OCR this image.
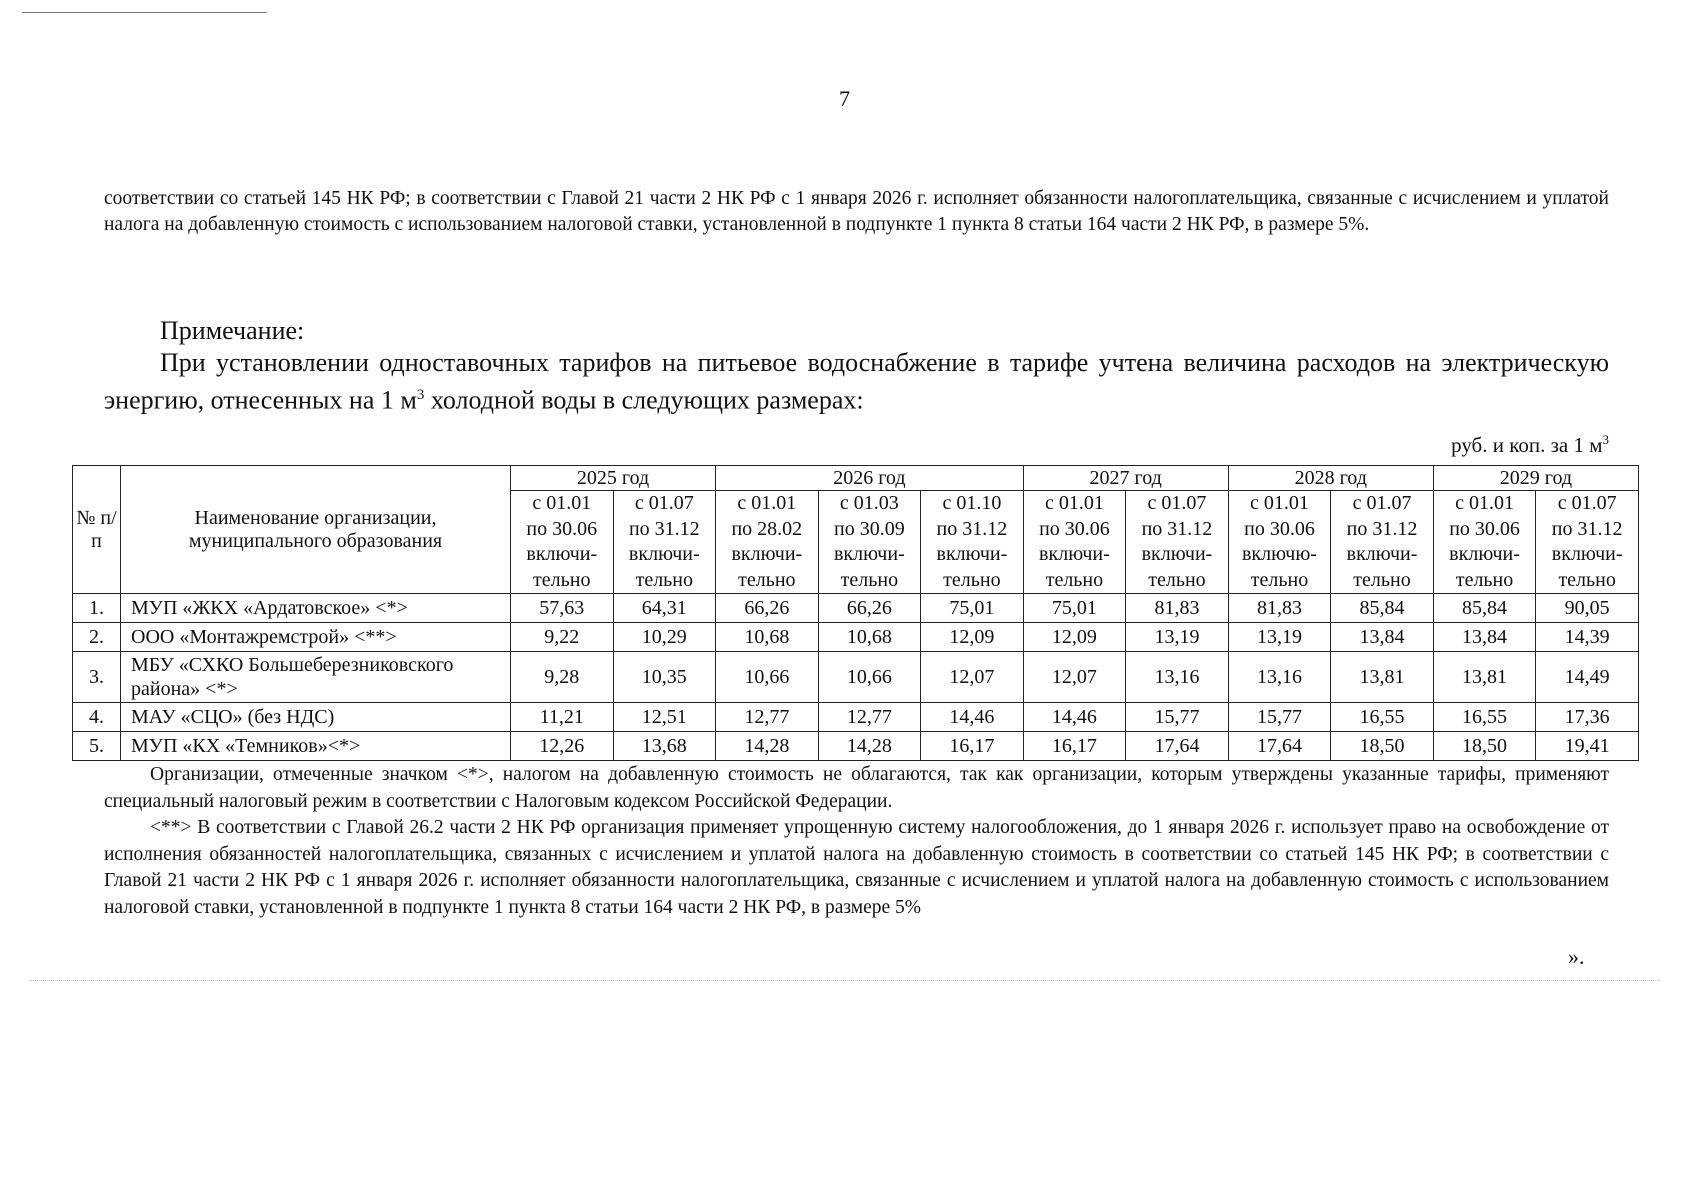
7
соответствии со статьей 145 НК РФ; в соответствии с Главой 21 части 2 НК РФ с 1 января 2026 г. исполняет обязанности налогоплательщика, связанные с исчислением и уплатой налога на добавленную стоимость с использованием налоговой ставки, установленной в подпункте 1 пункта 8 статьи 164 части 2 НК РФ, в размере 5%.
Примечание:
При установлении одноставочных тарифов на питьевое водоснабжение в тарифе учтена величина расходов на электрическую энергию, отнесенных на 1 $м^3$ холодной воды в следующих размерах:
руб. и коп. за 1 $м^3$
№ п/п	Наименование организации, муниципального образования	2025 год		2026 год			2027 год		2028 год		2029 год	
		с 01.01
по 30.06
включи-
тельно	с 01.07
по 31.12
включи-
тельно	с 01.01
по 28.02
включи-
тельно	с 01.03
по 30.09
включи-
тельно	с 01.10
по 31.12
включи-
тельно	с 01.01
по 30.06
включи-
тельно	с 01.07
по 31.12
включи-
тельно	с 01.01
по 30.06
включю-
тельно	с 01.07
по 31.12
включи-
тельно	с 01.01
по 30.06
включи-
тельно	с 01.07
по 31.12
включи-
тельно
1.	МУП «ЖКХ «Ардатовское» <*>	57,63	64,31	66,26	66,26	75,01	75,01	81,83	81,83	85,84	85,84	90,05
2.	ООО «Монтажремстрой» <**>	9,22	10,29	10,68	10,68	12,09	12,09	13,19	13,19	13,84	13,84	14,39
3.	МБУ «СХКО Большеберезниковского района» <*>	9,28	10,35	10,66	10,66	12,07	12,07	13,16	13,16	13,81	13,81	14,49
4.	МАУ «СЦО» (без НДС)	11,21	12,51	12,77	12,77	14,46	14,46	15,77	15,77	16,55	16,55	17,36
5.	МУП «КХ «Темников»<*>	12,26	13,68	14,28	14,28	16,17	16,17	17,64	17,64	18,50	18,50	19,41

Организации, отмеченные значком <*>, налогом на добавленную стоимость не облагаются, так как организации, которым утверждены указанные тарифы, применяют специальный налоговый режим в соответствии с Налоговым кодексом Российской Федерации.

<**> В соответствии с Главой 26.2 части 2 НК РФ организация применяет упрощенную систему налогообложения, до 1 января 2026 г. использует право на освобождение от исполнения обязанностей налогоплательщика, связанных с исчислением и уплатой налога на добавленную стоимость в соответствии со статьей 145 НК РФ; в соответствии с Главой 21 части 2 НК РФ с 1 января 2026 г. исполняет обязанности налогоплательщика, связанные с исчислением и уплатой налога на добавленную стоимость с использованием налоговой ставки, установленной в подпункте 1 пункта 8 статьи 164 части 2 НК РФ, в размере 5%

».
